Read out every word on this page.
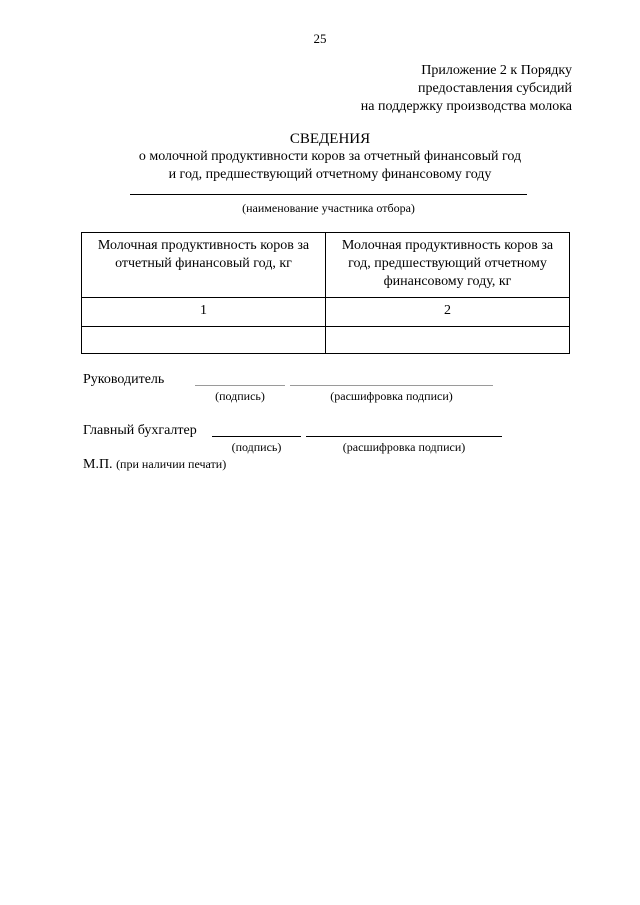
25
Приложение 2 к Порядку
предоставления субсидий
на поддержку производства молока
СВЕДЕНИЯ
о молочной продуктивности коров за отчетный финансовый год
и год, предшествующий отчетному финансовому году
(наименование участника отбора)
Молочная продуктивность коров за отчетный финансовый год, кг	Молочная продуктивность коров за год, предшествующий отчетному финансовому году, кг
1	2

Руководитель
(подпись)	(расшифровка подписи)
Главный бухгалтер
(подпись)	(расшифровка подписи)
М.П. (при наличии печати)
